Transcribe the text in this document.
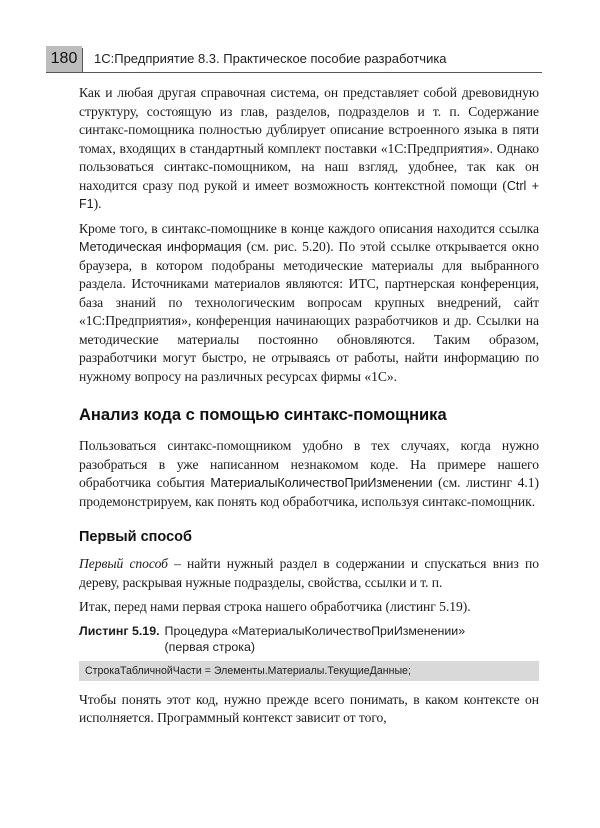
180	1С:Предприятие 8.3. Практическое пособие разработчика

Как и любая другая справочная система, он представляет собой древовидную структуру, состоящую из глав, разделов, подразделов и т. п. Содержание синтакс-помощника полностью дублирует описание встроенного языка в пяти томах, входящих в стандартный комплект поставки «1С:Предприятия». Однако пользоваться синтакс-помощником, на наш взгляд, удобнее, так как он находится сразу под рукой и имеет возможность контекстной помощи (Ctrl + F1).

Кроме того, в синтакс-помощнике в конце каждого описания находится ссылка Методическая информация (см. рис. 5.20). По этой ссылке открывается окно браузера, в котором подобраны методические материалы для выбранного раздела. Источниками материалов являются: ИТС, партнерская конференция, база знаний по технологическим вопросам крупных внедрений, сайт «1С:Предприятия», конференция начинающих разработчиков и др. Ссылки на методические материалы постоянно обновляются. Таким образом, разработчики могут быстро, не отрываясь от работы, найти информацию по нужному вопросу на различных ресурсах фирмы «1С».

Анализ кода с помощью синтакс-помощника

Пользоваться синтакс-помощником удобно в тех случаях, когда нужно разобраться в уже написанном незнакомом коде. На примере нашего обработчика события МатериалыКоличествоПриИзменении (см. листинг 4.1) продемонстрируем, как понять код обработчика, используя синтакс-помощник.

Первый способ

Первый способ – найти нужный раздел в содержании и спускаться вниз по дереву, раскрывая нужные подразделы, свойства, ссылки и т. п.

Итак, перед нами первая строка нашего обработчика (листинг 5.19).

Листинг 5.19. Процедура «МатериалыКоличествоПриИзменении»
(первая строка)
СтрокаТабличнойЧасти = Элементы.Материалы.ТекущиеДанные;

Чтобы понять этот код, нужно прежде всего понимать, в каком контексте он исполняется. Программный контекст зависит от того,
